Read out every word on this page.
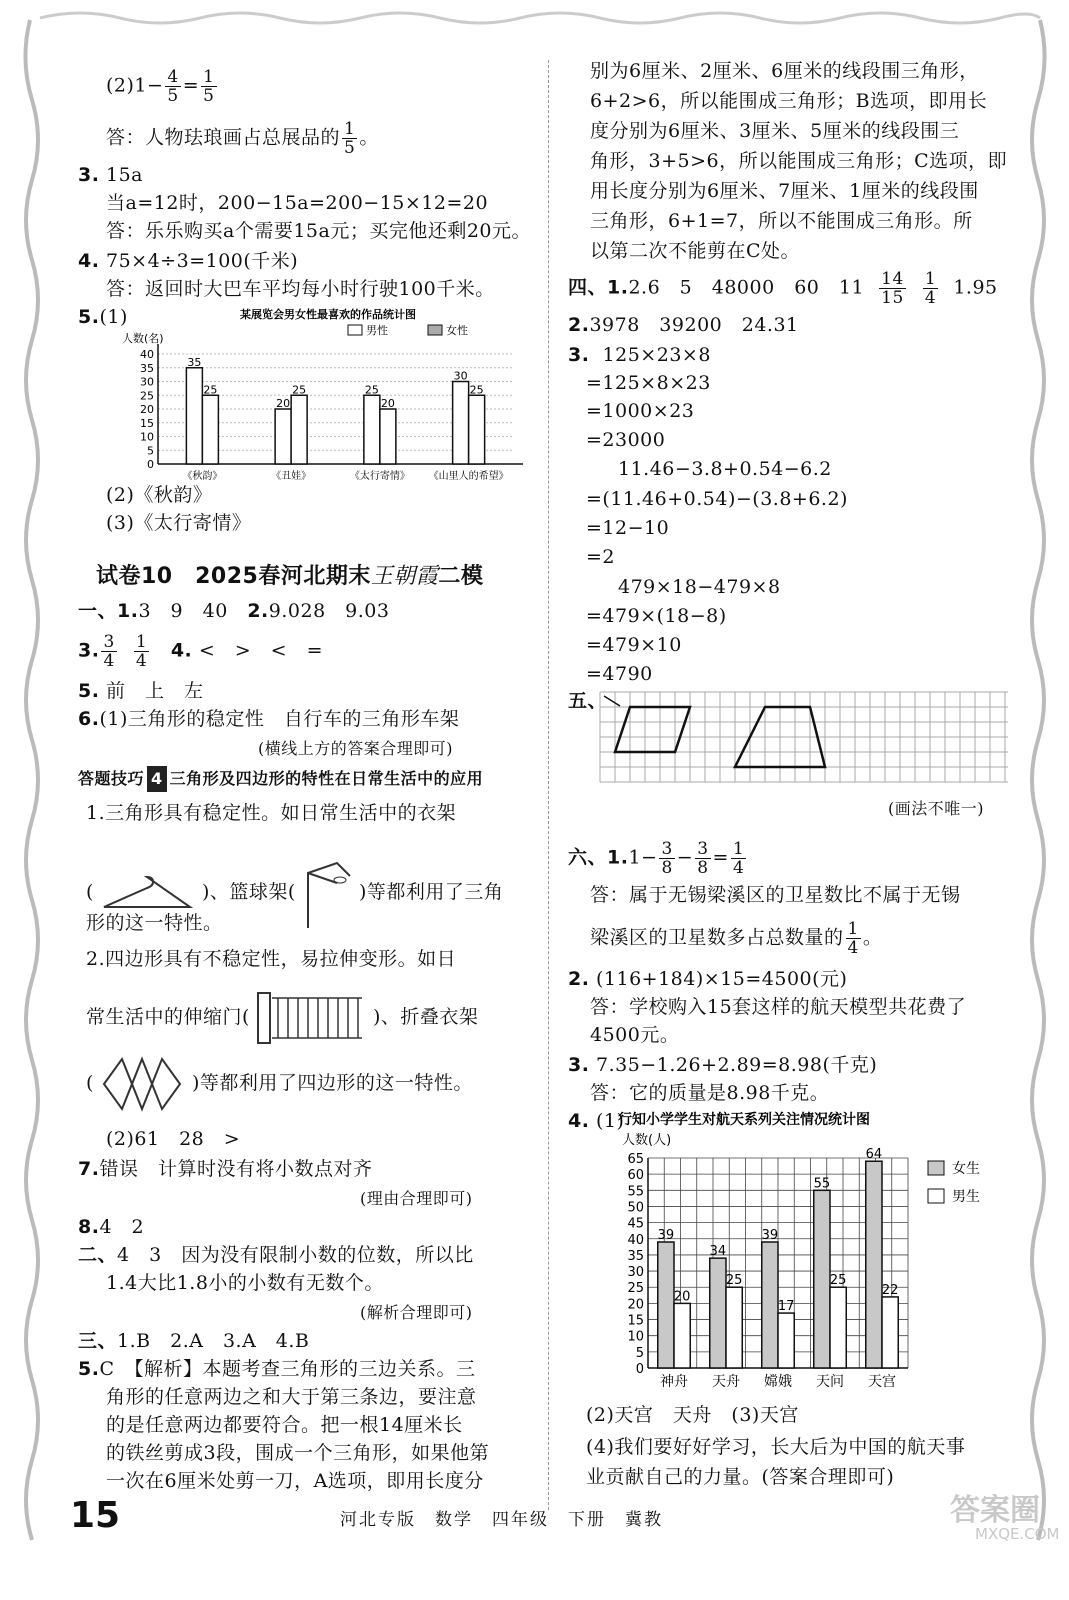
$(2)1- \frac{4}{5} = \frac{1}{5}$
答：人物珐琅画占总展品的 $\frac{1}{5}$ 。
3. 15a
当a=12时，200−15a=200−15×12=20
答：乐乐购买a个需要15a元；买完他还剩20元。
4. 75×4÷3=100(千米)
答：返回时大巴车平均每小时行驶100千米。
5.(1)	某展览会男女性最喜欢的作品统计图
人数(名)
0
5
10
15
20
25
30
35
40
35
25
《秋韵》
20
25
《丑娃》
25
20
《太行寄情》
30
25
《山里人的希望》
男性	女性
(2)《秋韵》
(3)《太行寄情》
试卷10　2025春河北期末王朝霞二模
一、1.3　9　40　2.9.028　9.03
3. $\frac{3}{4}$
$\frac{1}{4} 4$. <　>　<　=
5. 前　上　左
6.(1)三角形的稳定性　自行车的三角形车架
(横线上方的答案合理即可)
答题技巧 4 三角形及四边形的特性在日常生活中的应用
1.三角形具有稳定性。如日常生活中的衣架
(	)、篮球架(	)等都利用了三角
形的这一特性。
2.四边形具有不稳定性，易拉伸变形。如日
常生活中的伸缩门(	)、折叠衣架
(	)等都利用了四边形的这一特性。
(2)61　28　>
7.错误　计算时没有将小数点对齐
(理由合理即可)
8.4　2
二、4　3　因为没有限制小数的位数，所以比
1.4大比1.8小的小数有无数个。
(解析合理即可)
三、1.B　2.A　3.A　4.B
5.C　【解析】本题考查三角形的三边关系。三
角形的任意两边之和大于第三条边，要注意
的是任意两边都要符合。把一根14厘米长
的铁丝剪成3段，围成一个三角形，如果他第
一次在6厘米处剪一刀，A选项，即用长度分
别为6厘米、2厘米、6厘米的线段围三角形，
6+2>6，所以能围成三角形；B选项，即用长
度分别为6厘米、3厘米、5厘米的线段围三
角形，3+5>6，所以能围成三角形；C选项，即
用长度分别为6厘米、7厘米、1厘米的线段围
三角形，6+1=7，所以不能围成三角形。所
以第二次不能剪在C处。
四、1.2.6　5　48000　60　$11 \frac{14}{15}$
$\frac{1}{4} 1.95$
2.3978　39200　24.31
3. 125×23×8
=125×8×23
=1000×23
=23000
11.46−3.8+0.54−6.2
=(11.46+0.54)−(3.8+6.2)
=12−10
=2
479×18−479×8
=479×(18−8)
=479×10
=4790
五、
(画法不唯一)
六、$1.1- \frac{3}{8} - \frac{3}{8} = \frac{1}{4}$
答：属于无锡梁溪区的卫星数比不属于无锡
梁溪区的卫星数多占总数量的 $\frac{1}{4}$ 。
2. (116+184)×15=4500(元)
答：学校购入15套这样的航天模型共花费了
4500元。
3. 7.35−1.26+2.89=8.98(千克)
答：它的质量是8.98千克。
4. (1)
行知小学学生对航天系列关注情况统计图
人数(人)
0
5
10
15
20
25
30
35
40
45
50
55
60
65
39
20
神舟
34
25
天舟
39
17
嫦娥
55
25
天问
64
22
天宫
女生
男生
(2)天宫　天舟　(3)天宫
(4)我们要好好学习，长大后为中国的航天事
业贡献自己的力量。(答案合理即可)
15	河北专版　数学　四年级　下册　冀教	答案圈
MXQE.COM
